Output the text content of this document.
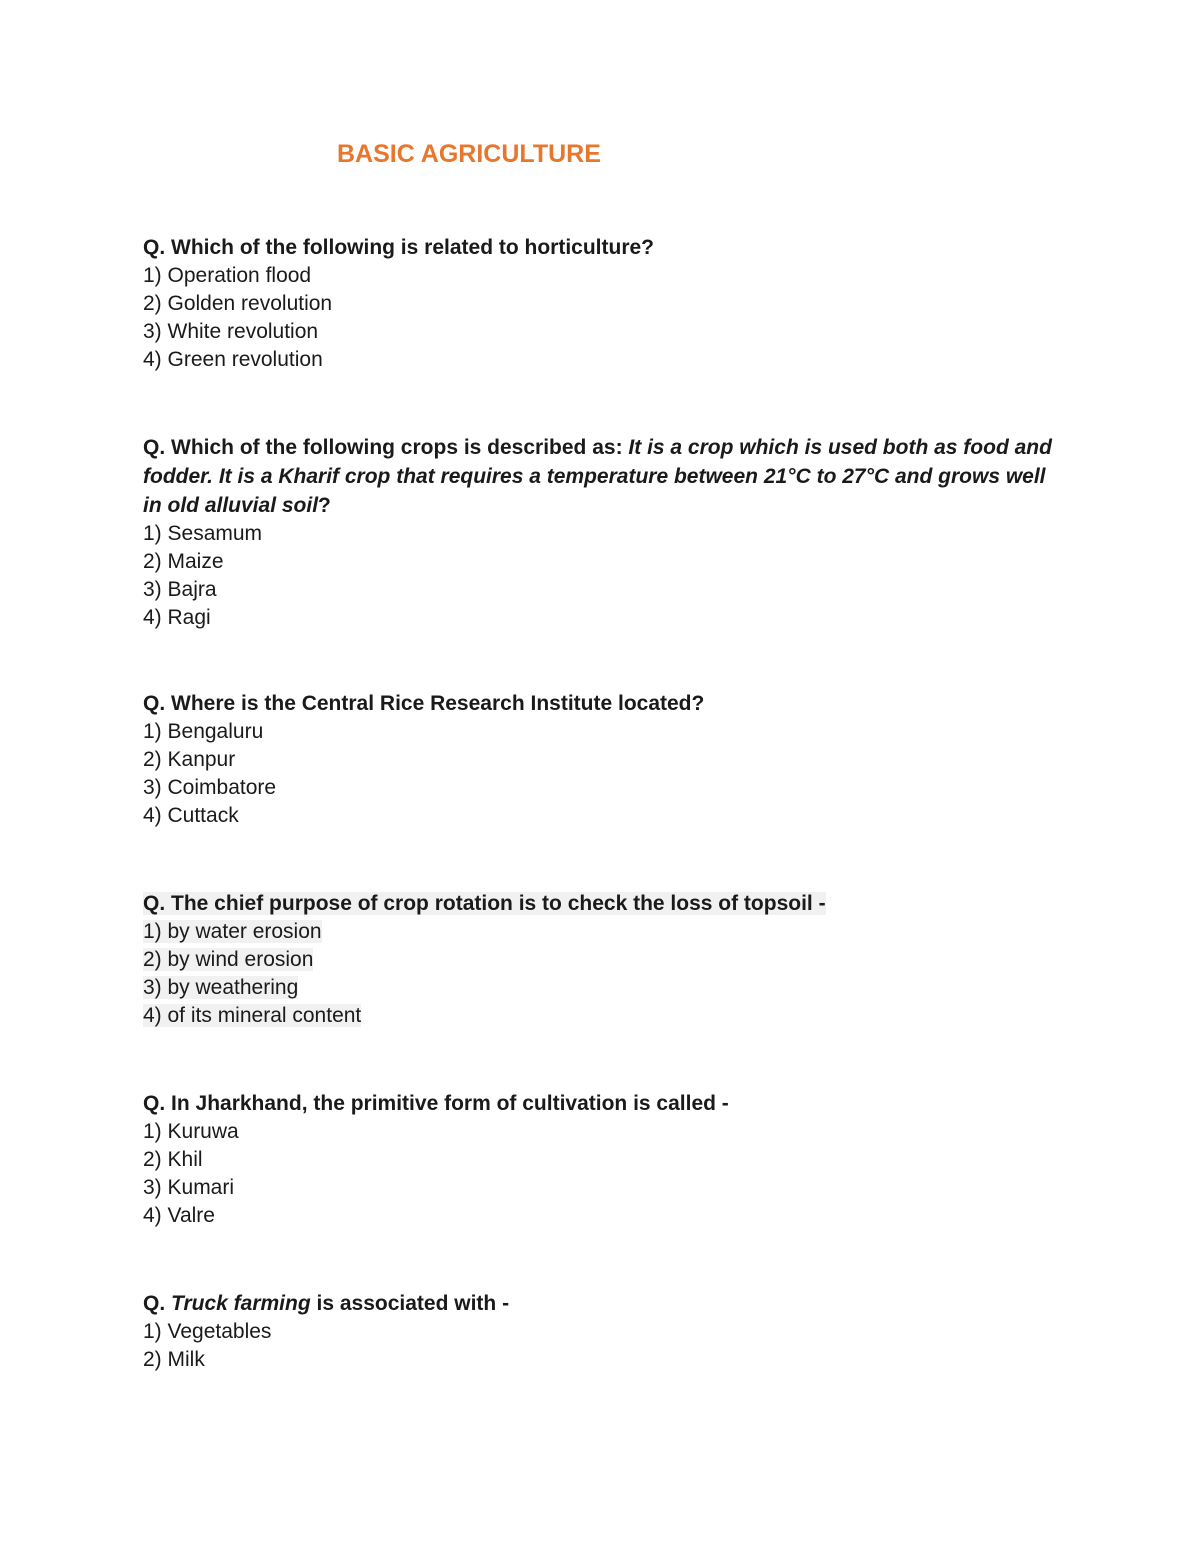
BASIC AGRICULTURE

Q. Which of the following is related to horticulture?

1) Operation flood
2) Golden revolution
3) White revolution
4) Green revolution

Q. Which of the following crops is described as: It is a crop which is used both as food and fodder. It is a Kharif crop that requires a temperature between 21°C to 27°C and grows well in old alluvial soil?

1) Sesamum
2) Maize
3) Bajra
4) Ragi

Q. Where is the Central Rice Research Institute located?

1) Bengaluru
2) Kanpur
3) Coimbatore
4) Cuttack

Q. The chief purpose of crop rotation is to check the loss of topsoil -

1) by water erosion
2) by wind erosion
3) by weathering
4) of its mineral content

Q. In Jharkhand, the primitive form of cultivation is called -

1) Kuruwa
2) Khil
3) Kumari
4) Valre

Q. Truck farming is associated with -

1) Vegetables
2) Milk
